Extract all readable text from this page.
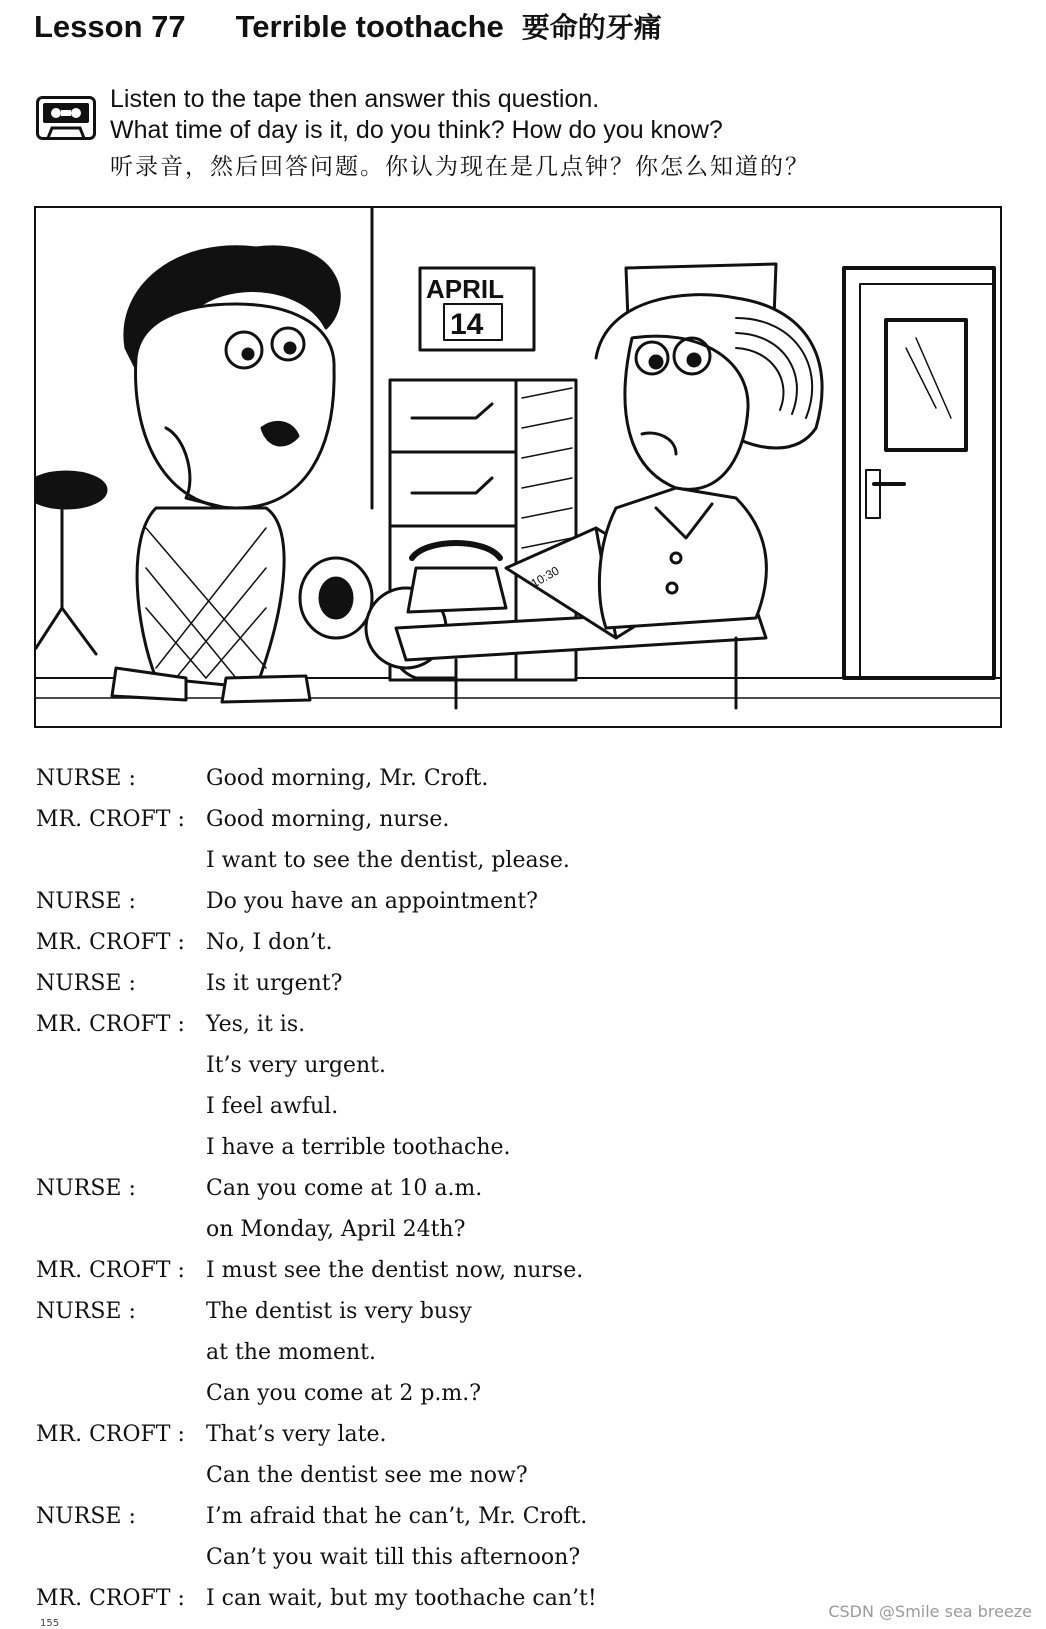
Lesson 77 Terrible toothache 要命的牙痛
Listen to the tape then answer this question.
What time of day is it, do you think? How do you know?
听录音，然后回答问题。你认为现在是几点钟？你怎么知道的？
APRIL
14
10:30
NURSE :	Good morning, Mr. Croft.
MR. CROFT : Good morning, nurse.
I want to see the dentist, please.
NURSE :	Do you have an appointment?
MR. CROFT : No, I don’t.
NURSE :	Is it urgent?
MR. CROFT : Yes, it is.
It’s very urgent.
I feel awful.
I have a terrible toothache.
NURSE :	Can you come at 10 a.m.
on Monday, April 24th?
MR. CROFT : I must see the dentist now, nurse.
NURSE :	The dentist is very busy
at the moment.
Can you come at 2 p.m.?
MR. CROFT : That’s very late.
Can the dentist see me now?
NURSE :	I’m afraid that he can’t, Mr. Croft.
Can’t you wait till this afternoon?
MR. CROFT : I can wait, but my toothache can’t!
CSDN @Smile sea breeze
155
